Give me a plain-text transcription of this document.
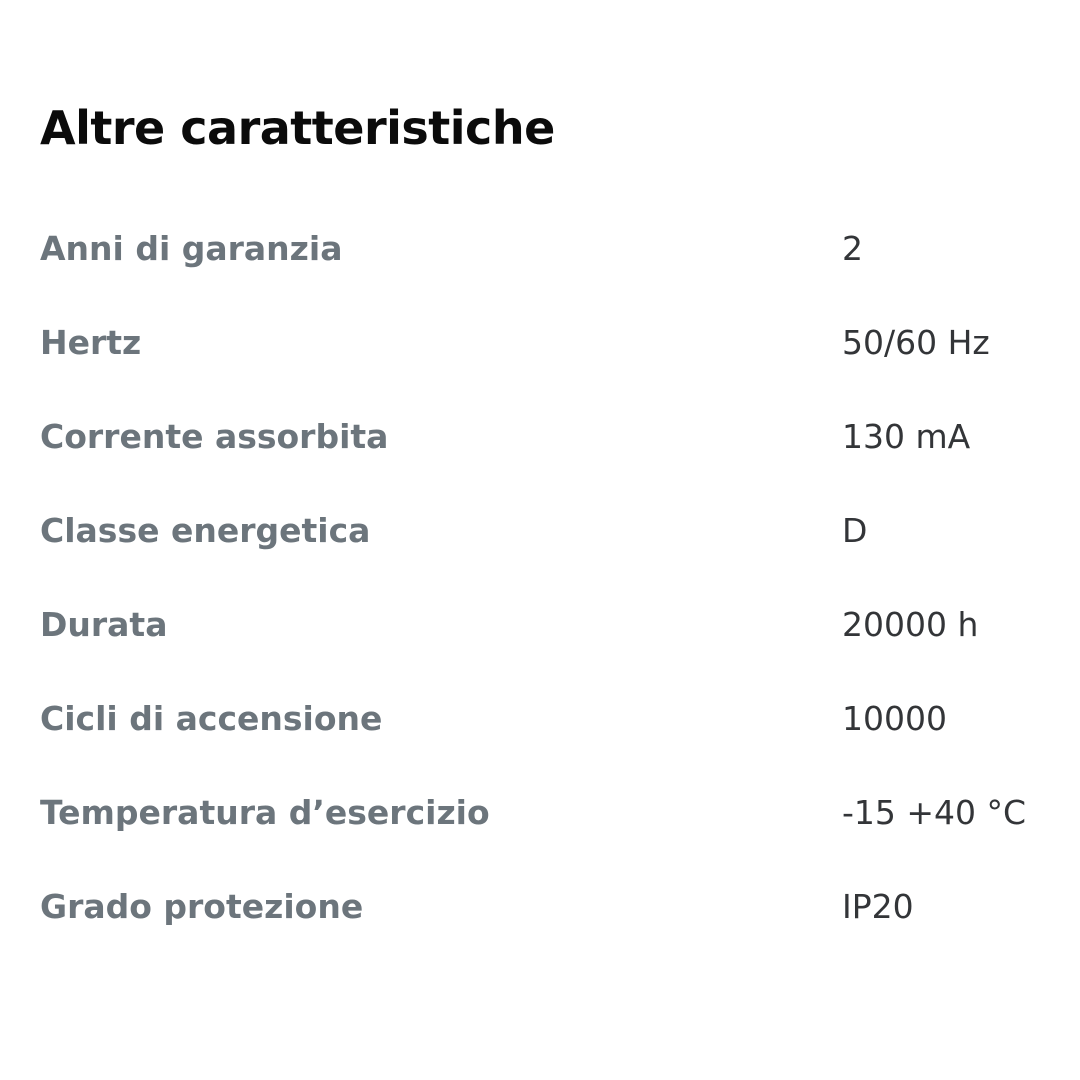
Altre caratteristiche
Anni di garanzia	2
Hertz	50/60 Hz
Corrente assorbita	130 mA
Classe energetica	D
Durata	20000 h
Cicli di accensione	10000
Temperatura d’esercizio	-15 +40 °C
Grado protezione	IP20
